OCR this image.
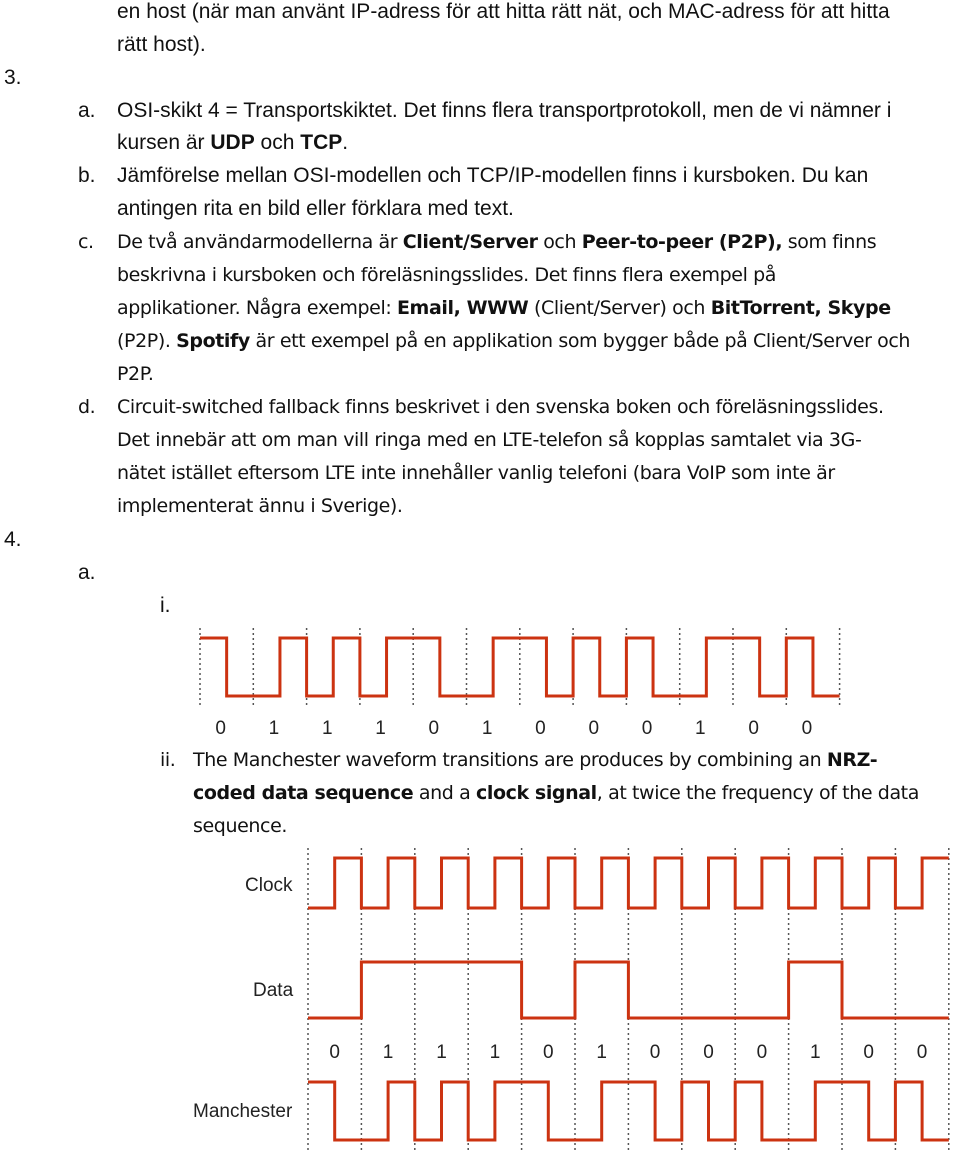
en host (när man använt IP-adress för att hitta rätt nät, och MAC-adress för att hitta
rätt host).
3.
a. OSI-skikt 4 = Transportskiktet. Det finns flera transportprotokoll, men de vi nämner i
kursen är UDP och TCP.
b. Jämförelse mellan OSI-modellen och TCP/IP-modellen finns i kursboken. Du kan
antingen rita en bild eller förklara med text.
c. De två användarmodellerna är Client/Server och Peer-to-peer (P2P), som finns
beskrivna i kursboken och föreläsningsslides. Det finns flera exempel på
applikationer. Några exempel: Email, WWW (Client/Server) och BitTorrent, Skype
(P2P). Spotify är ett exempel på en applikation som bygger både på Client/Server och
P2P.
d. Circuit-switched fallback finns beskrivet i den svenska boken och föreläsningsslides.
Det innebär att om man vill ringa med en LTE-telefon så kopplas samtalet via 3G-
nätet istället eftersom LTE inte innehåller vanlig telefoni (bara VoIP som inte är
implementerat ännu i Sverige).
4.
a.
i.
ii. The Manchester waveform transitions are produces by combining an NRZ-
coded data sequence and a clock signal, at twice the frequency of the data
sequence.
0 1 1 1 0 1 0 0 0 1 0 0
Clock
Data
Manchester
0 1 1 1 0 1 0 0 0 1 0 0
